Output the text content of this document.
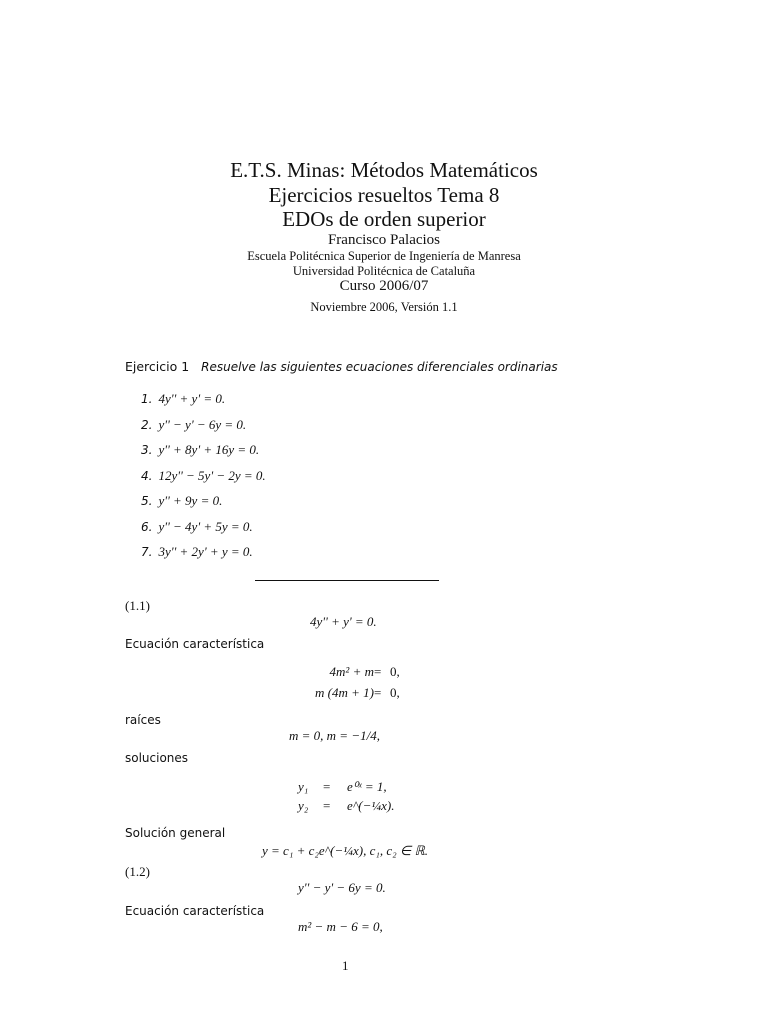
E.T.S. Minas: Métodos Matemáticos
Ejercicios resueltos Tema 8
EDOs de orden superior
Francisco Palacios
Escuela Politécnica Superior de Ingeniería de Manresa
Universidad Politécnica de Cataluña
Curso 2006/07
Noviembre 2006, Versión 1.1
Ejercicio 1 Resuelve las siguientes ecuaciones diferenciales ordinarias
1. 4y'' + y' = 0.
2. y'' − y' − 6y = 0.
3. y'' + 8y' + 16y = 0.
4. 12y'' − 5y' − 2y = 0.
5. y'' + 9y = 0.
6. y'' − 4y' + 5y = 0.
7. 3y'' + 2y' + y = 0.
(1.1)
4y'' + y' = 0.
Ecuación característica
4m² + m = 0,
m (4m + 1) = 0,
raíces
m = 0, m = −1/4,
soluciones
y₁ = e⁰ˣ = 1,
y₂ = e^(−¼x).
Solución general
y = c₁ + c₂e^(−¼x), c₁, c₂ ∈ ℝ.
(1.2)
y'' − y' − 6y = 0.
Ecuación característica
m² − m − 6 = 0,
1
